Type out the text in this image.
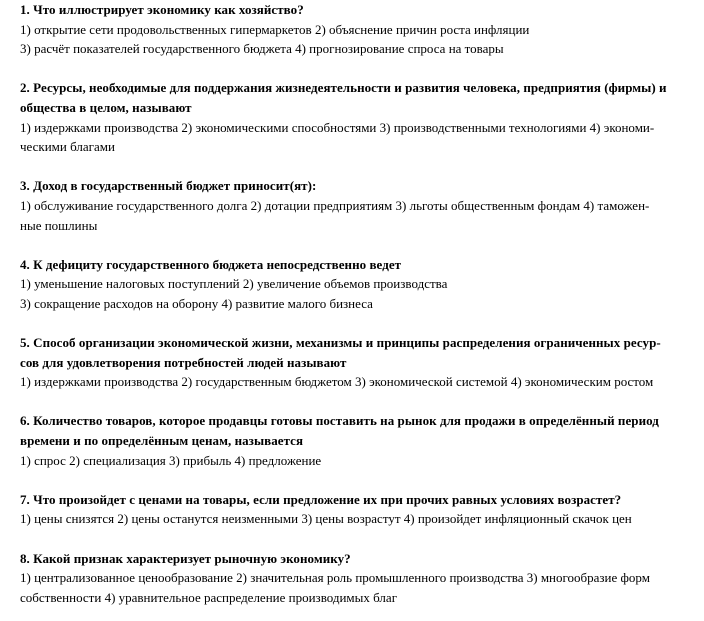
1. Что иллюстрирует экономику как хозяйство?
1) открытие сети продовольственных гипермаркетов 2) объяснение причин роста инфляции
3) расчёт показателей государственного бюджета 4) прогнозирование спроса на товары
2. Ресурсы, необходимые для поддержания жизнедеятельности и развития человека, предприятия (фирмы) и
общества в целом, называют
1) издержками производства 2) экономическими способностями 3) производственными технологиями 4) экономи-
ческими благами
3. Доход в государственный бюджет приносит(ят):
1) обслуживание государственного долга 2) дотации предприятиям 3) льготы общественным фондам 4) таможен-
ные пошлины
4. К дефициту государственного бюджета непосредственно ведет
1) уменьшение налоговых поступлений 2) увеличение объемов производства
3) сокращение расходов на оборону 4) развитие малого бизнеса
5. Способ организации экономической жизни, механизмы и принципы распределения ограниченных ресур-
сов для удовлетворения потребностей людей называют
1) издержками производства 2) государственным бюджетом 3) экономической системой 4) экономическим ростом
6. Количество товаров, которое продавцы готовы поставить на рынок для продажи в определённый период
времени и по определённым ценам, называется
1) спрос 2) специализация 3) прибыль 4) предложение
7. Что произойдет с ценами на товары, если предложение их при прочих равных условиях возрастет?
1) цены снизятся 2) цены останутся неизменными 3) цены возрастут 4) произойдет инфляционный скачок цен
8. Какой признак характеризует рыночную экономику?
1) централизованное ценообразование 2) значительная роль промышленного производства 3) многообразие форм
собственности 4) уравнительное распределение производимых благ
